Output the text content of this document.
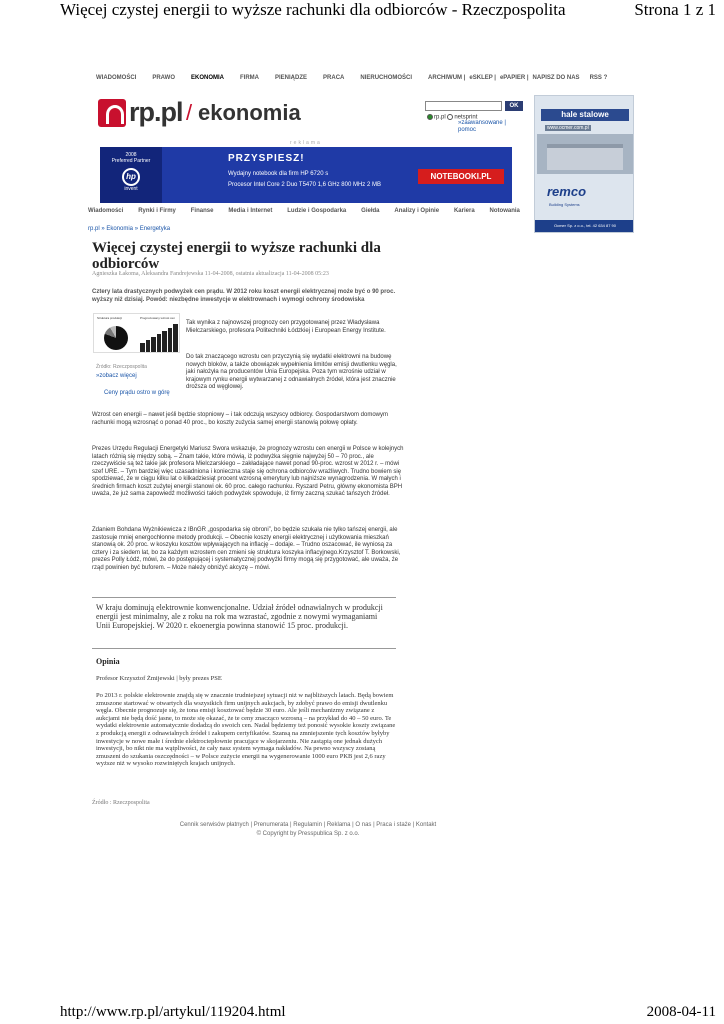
Więcej czystej energii to wyższe rachunki dla odbiorców - Rzeczpospolita	Strona 1 z 1
WIADOMOŚCI	PRAWO	EKONOMIA	FIRMA	PIENIĄDZE	PRACA	NIERUCHOMOŚCI	ARCHIWUM | eSKLEP | ePAPIER | NAPISZ DO NAS RSS ?
rp.pl / ekonomia	OK
rp.pl netsprint
»zaawansowane |
pomoc
reklama
2008
Preferred Partner
hp
invent
PRZYSPIESZ!
Wydajny notebook dla firm HP 6720 s
Procesor Intel Core 2 Duo T5470 1,6 GHz 800 MHz 2 MB
NOTEBOOKI.PL
Wiadomości Rynki i Firmy Finanse Media i Internet Ludzie i Gospodarka Giełda Analizy i Opinie Kariera Notowania
hale stalowe
www.ocmer.com.pl
remco
Building Systems
Ocmer Sp. z o.o., tel. 42 634 87 90
rp.pl » Ekonomia » Energetyka
Więcej czystej energii to wyższe rachunki dla odbiorców
Agnieszka Łakoma, Aleksandra Fandrejewska 11-04-2008, ostatnia aktualizacja 11-04-2008 05:23
Cztery lata drastycznych podwyżek cen prądu. W 2012 roku koszt energii elektrycznej może być o 90 proc. wyższy niż dzisiaj. Powód: niezbędne inwestycje w elektrownach i wymogi ochrony środowiska
Struktura produkcji	Prognozowany wzrost cen
Źródło: Rzeczpospolita
»zobacz więcej
Ceny prądu ostro w górę

Tak wynika z najnowszej prognozy cen przygotowanej przez Władysława Mielczarskiego, profesora Politechniki Łódzkiej i European Energy Institute.

Do tak znaczącego wzrostu cen przyczynią się wydatki elektrowni na budowę nowych bloków, a także obowiązek wypełnienia limitów emisji dwutlenku węgla, jaki nałożyła na producentów Unia Europejska. Poza tym wzrośnie udział w krajowym rynku energii wytwarzanej z odnawialnych źródeł, która jest znacznie droższa od węglowej.

Wzrost cen energii – nawet jeśli będzie stopniowy – i tak odczują wszyscy odbiorcy. Gospodarstwom domowym rachunki mogą wzrosnąć o ponad 40 proc., bo koszty zużycia samej energii stanowią połowę opłaty.

Prezes Urzędu Regulacji Energetyki Mariusz Swora wskazuje, że prognozy wzrostu cen energii w Polsce w kolejnych latach różnią się między sobą. – Znam takie, które mówią, iż podwyżka sięgnie najwyżej 50 – 70 proc., ale rzeczywiście są też takie jak profesora Mielczarskiego – zakładające nawet ponad 90-proc. wzrost w 2012 r. – mówi szef URE. – Tym bardziej więc uzasadniona i konieczna staje się ochrona odbiorców wrażliwych. Trudno bowiem się spodziewać, że w ciągu kilku lat o kilkadziesiąt procent wzrosną emerytury lub najniższe wynagrodzenia. W małych i średnich firmach koszt zużytej energii stanowi ok. 60 proc. całego rachunku. Ryszard Petru, główny ekonomista BPH uważa, że już sama zapowiedź możliwości takich podwyżek spowoduje, iż firmy zaczną szukać tańszych źródeł.

Zdaniem Bohdana Wyżnikiewicza z IBnGR „gospodarka się obroni”, bo będzie szukała nie tylko tańszej energii, ale zastosuje mniej energochłonne metody produkcji. – Obecnie koszty energii elektrycznej i użytkowania mieszkań stanowią ok. 20 proc. w koszyku kosztów wpływających na inflację – dodaje. – Trudno oszacować, ile wyniosą za cztery i za siedem lat, bo za każdym wzrostem cen zmieni się struktura koszyka inflacyjnego.Krzysztof T. Borkowski, prezes Polly Łódź, mówi, że do postępującej i systematycznej podwyżki firmy mogą się przygotować, ale uważa, że rząd powinien być buforem. – Może należy obniżyć akcyzę – mówi.

W kraju dominują elektrownie konwencjonalne. Udział źródeł odnawialnych w produkcji energii jest minimalny, ale z roku na rok ma wzrastać, zgodnie z nowymi wymaganiami Unii Europejskiej. W 2020 r. ekoenergia powinna stanowić 15 proc. produkcji.
Opinia
Profesor Krzysztof Żmijewski | były prezes PSE
Po 2013 r. polskie elektrownie znajdą się w znacznie trudniejszej sytuacji niż w najbliższych latach. Będą bowiem zmuszone startować w otwartych dla wszystkich firm unijnych aukcjach, by zdobyć prawo do emisji dwutlenku węgla. Obecnie prognozuje się, że tona emisji kosztować będzie 30 euro. Ale jeśli mechanizmy związane z aukcjami nie będą dość jasne, to może się okazać, że te ceny znacząco wzrosną – na przykład do 40 – 50 euro. Te wydatki elektrownie automatycznie dodadzą do swoich cen. Nadal będziemy też ponosić wysokie koszty związane z produkcją energii z odnawialnych źródeł i zakupem certyfikatów. Szansą na zmniejszenie tych kosztów byłyby inwestycje w nowe małe i średnie elektrociepłownie pracujące w skojarzeniu. Nie zastąpią one jednak dużych inwestycji, bo nikt nie ma wątpliwości, że cały nasz system wymaga nakładów. Na pewno wszyscy zostaną zmuszeni do szukania oszczędności – w Polsce zużycie energii na wygenerowanie 1000 euro PKB jest 2,6 razy wyższe niż w wysoko rozwiniętych krajach unijnych.
Źródło : Rzeczpospolita
Cennik serwisów płatnych | Prenumerata | Regulamin | Reklama | O nas | Praca i staże | Kontakt
© Copyright by Presspublica Sp. z o.o.
http://www.rp.pl/artykul/119204.html	2008-04-11
